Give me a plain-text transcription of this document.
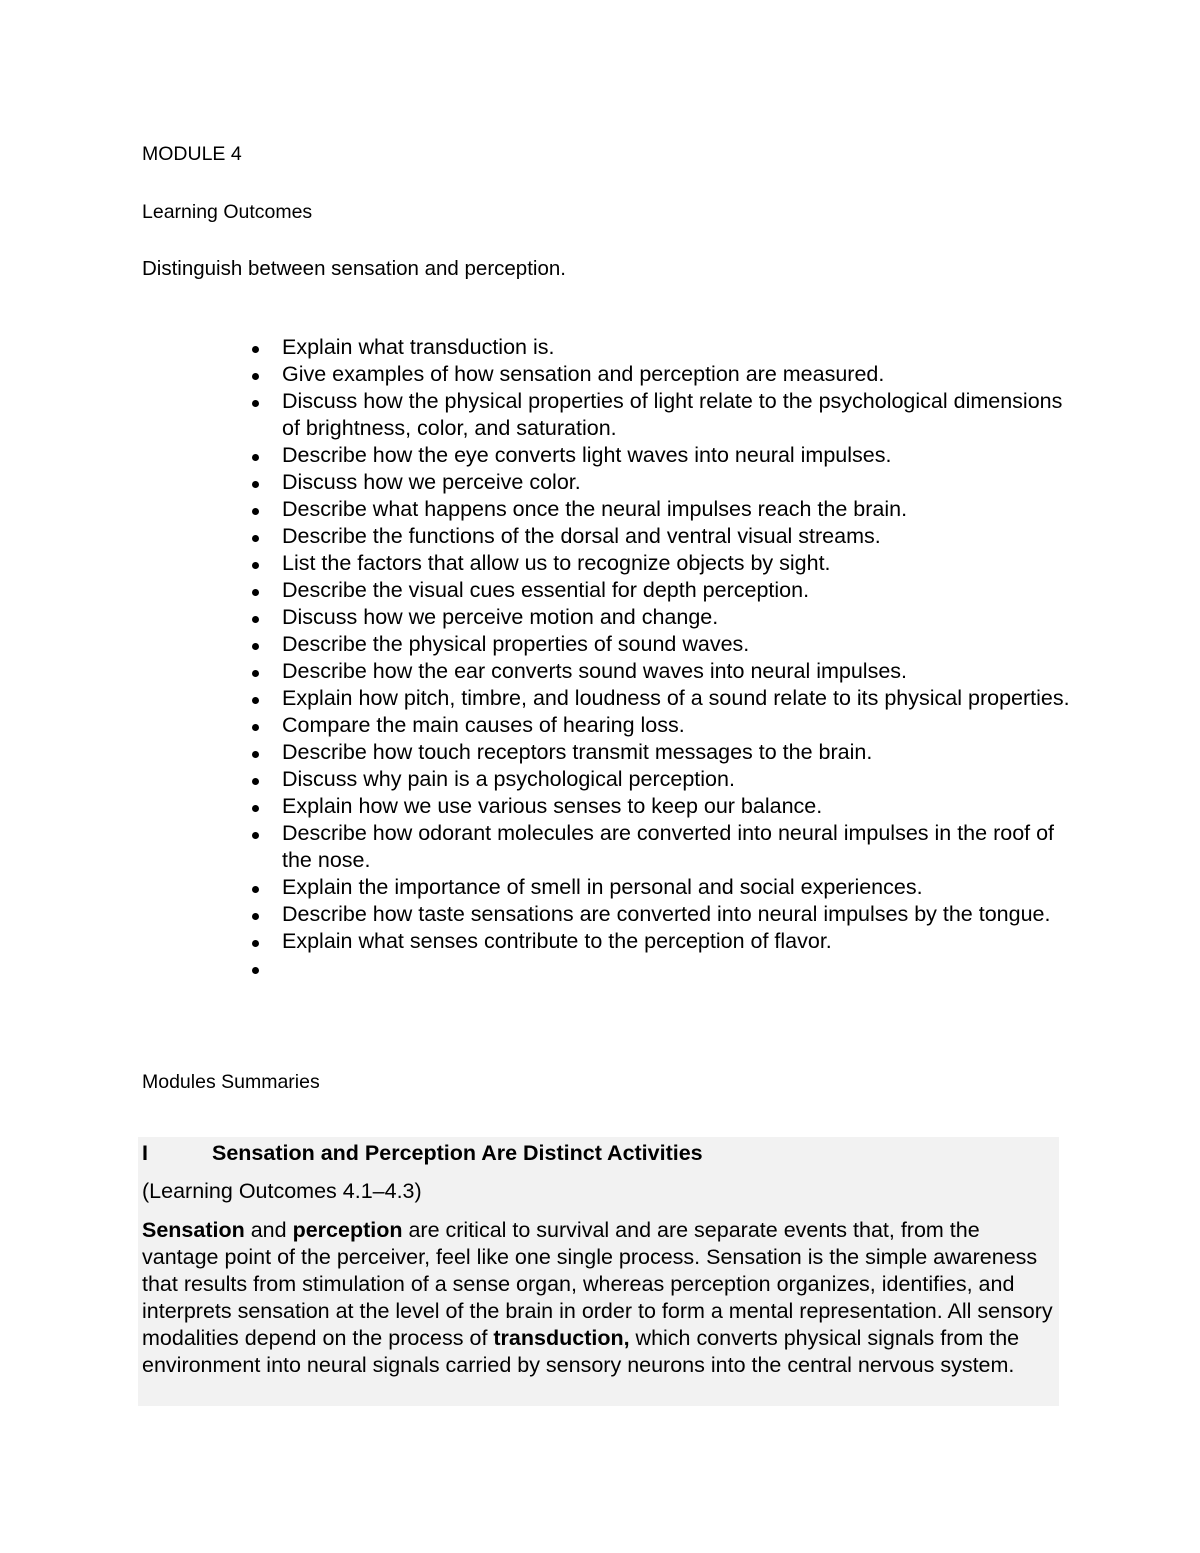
MODULE 4
Learning Outcomes
Distinguish between sensation and perception.
Explain what transduction is.
Give examples of how sensation and perception are measured.
Discuss how the physical properties of light relate to the psychological dimensions of brightness, color, and saturation.
Describe how the eye converts light waves into neural impulses.
Discuss how we perceive color.
Describe what happens once the neural impulses reach the brain.
Describe the functions of the dorsal and ventral visual streams.
List the factors that allow us to recognize objects by sight.
Describe the visual cues essential for depth perception.
Discuss how we perceive motion and change.
Describe the physical properties of sound waves.
Describe how the ear converts sound waves into neural impulses.
Explain how pitch, timbre, and loudness of a sound relate to its physical properties.
Compare the main causes of hearing loss.
Describe how touch receptors transmit messages to the brain.
Discuss why pain is a psychological perception.
Explain how we use various senses to keep our balance.
Describe how odorant molecules are converted into neural impulses in the roof of the nose.
Explain the importance of smell in personal and social experiences.
Describe how taste sensations are converted into neural impulses by the tongue.
Explain what senses contribute to the perception of flavor.
Modules Summaries
I	Sensation and Perception Are Distinct Activities
(Learning Outcomes 4.1–4.3)
Sensation and perception are critical to survival and are separate events that, from the vantage point of the perceiver, feel like one single process. Sensation is the simple awareness that results from stimulation of a sense organ, whereas perception organizes, identifies, and interprets sensation at the level of the brain in order to form a mental representation. All sensory modalities depend on the process of transduction, which converts physical signals from the environment into neural signals carried by sensory neurons into the central nervous system.
